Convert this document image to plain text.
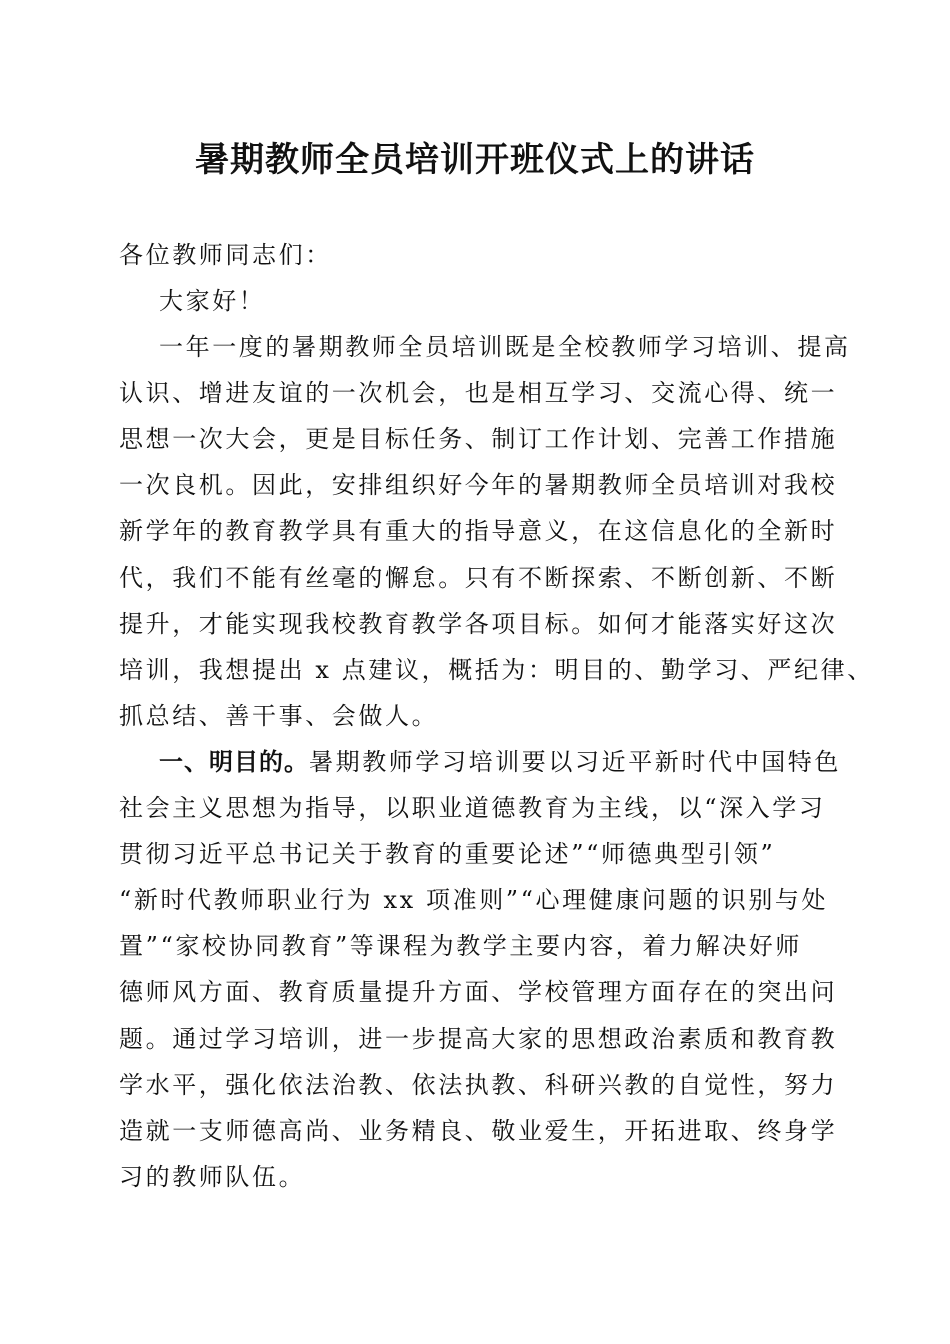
暑期教师全员培训开班仪式上的讲话
各位教师同志们：
大家好！
一年一度的暑期教师全员培训既是全校教师学习培训、提高
认识、增进友谊的一次机会，也是相互学习、交流心得、统一
思想一次大会，更是目标任务、制订工作计划、完善工作措施
一次良机。因此，安排组织好今年的暑期教师全员培训对我校
新学年的教育教学具有重大的指导意义，在这信息化的全新时
代，我们不能有丝毫的懈怠。只有不断探索、不断创新、不断
提升，才能实现我校教育教学各项目标。如何才能落实好这次
培训，我想提出 x 点建议，概括为：明目的、勤学习、严纪律、
抓总结、善干事、会做人。
一、明目的。暑期教师学习培训要以习近平新时代中国特色
社会主义思想为指导，以职业道德教育为主线，以“深入学习
贯彻习近平总书记关于教育的重要论述”“师德典型引领”
“新时代教师职业行为 xx 项准则”“心理健康问题的识别与处
置”“家校协同教育”等课程为教学主要内容，着力解决好师
德师风方面、教育质量提升方面、学校管理方面存在的突出问
题。通过学习培训，进一步提高大家的思想政治素质和教育教
学水平，强化依法治教、依法执教、科研兴教的自觉性，努力
造就一支师德高尚、业务精良、敬业爱生，开拓进取、终身学
习的教师队伍。
